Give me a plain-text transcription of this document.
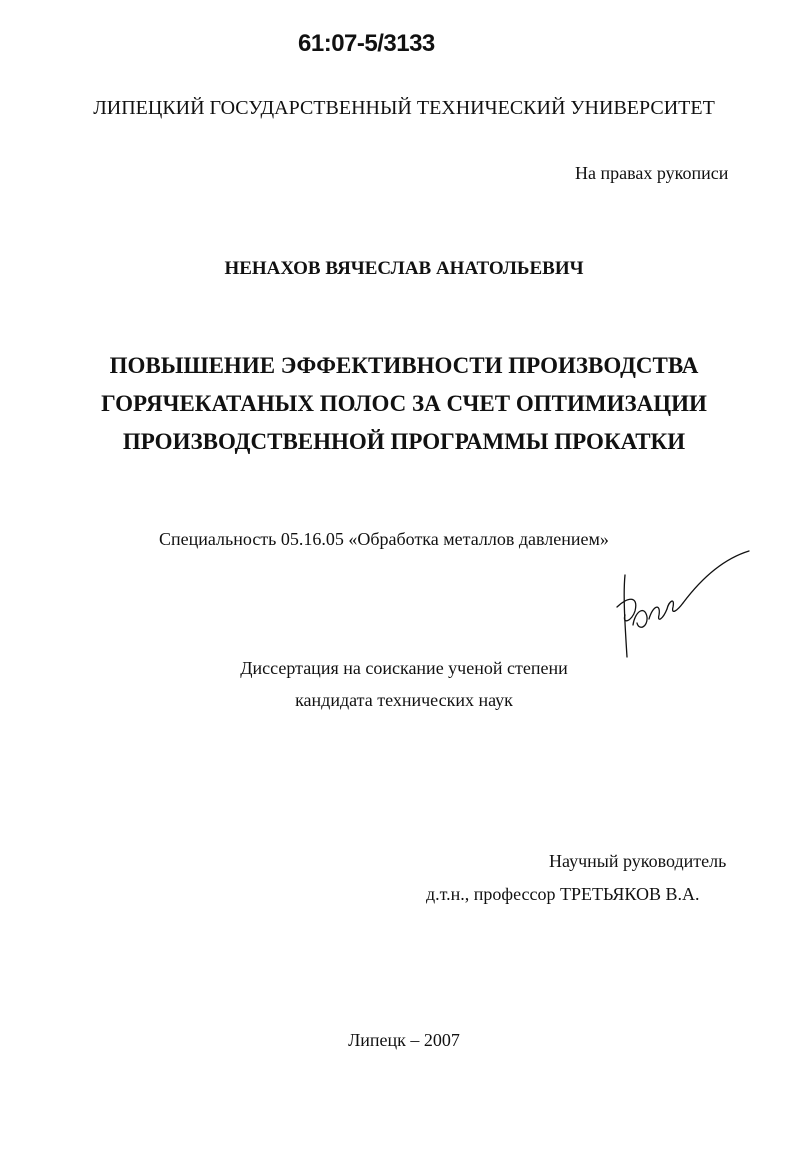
61:07-5/3133
ЛИПЕЦКИЙ ГОСУДАРСТВЕННЫЙ ТЕХНИЧЕСКИЙ УНИВЕРСИТЕТ
На правах рукописи
НЕНАХОВ ВЯЧЕСЛАВ АНАТОЛЬЕВИЧ
ПОВЫШЕНИЕ ЭФФЕКТИВНОСТИ ПРОИЗВОДСТВА
ГОРЯЧЕКАТАНЫХ ПОЛОС ЗА СЧЕТ ОПТИМИЗАЦИИ
ПРОИЗВОДСТВЕННОЙ ПРОГРАММЫ ПРОКАТКИ
Специальность 05.16.05 «Обработка металлов давлением»
Диссертация на соискание ученой степени
кандидата технических наук
Научный руководитель
д.т.н., профессор ТРЕТЬЯКОВ В.А.
Липецк – 2007
